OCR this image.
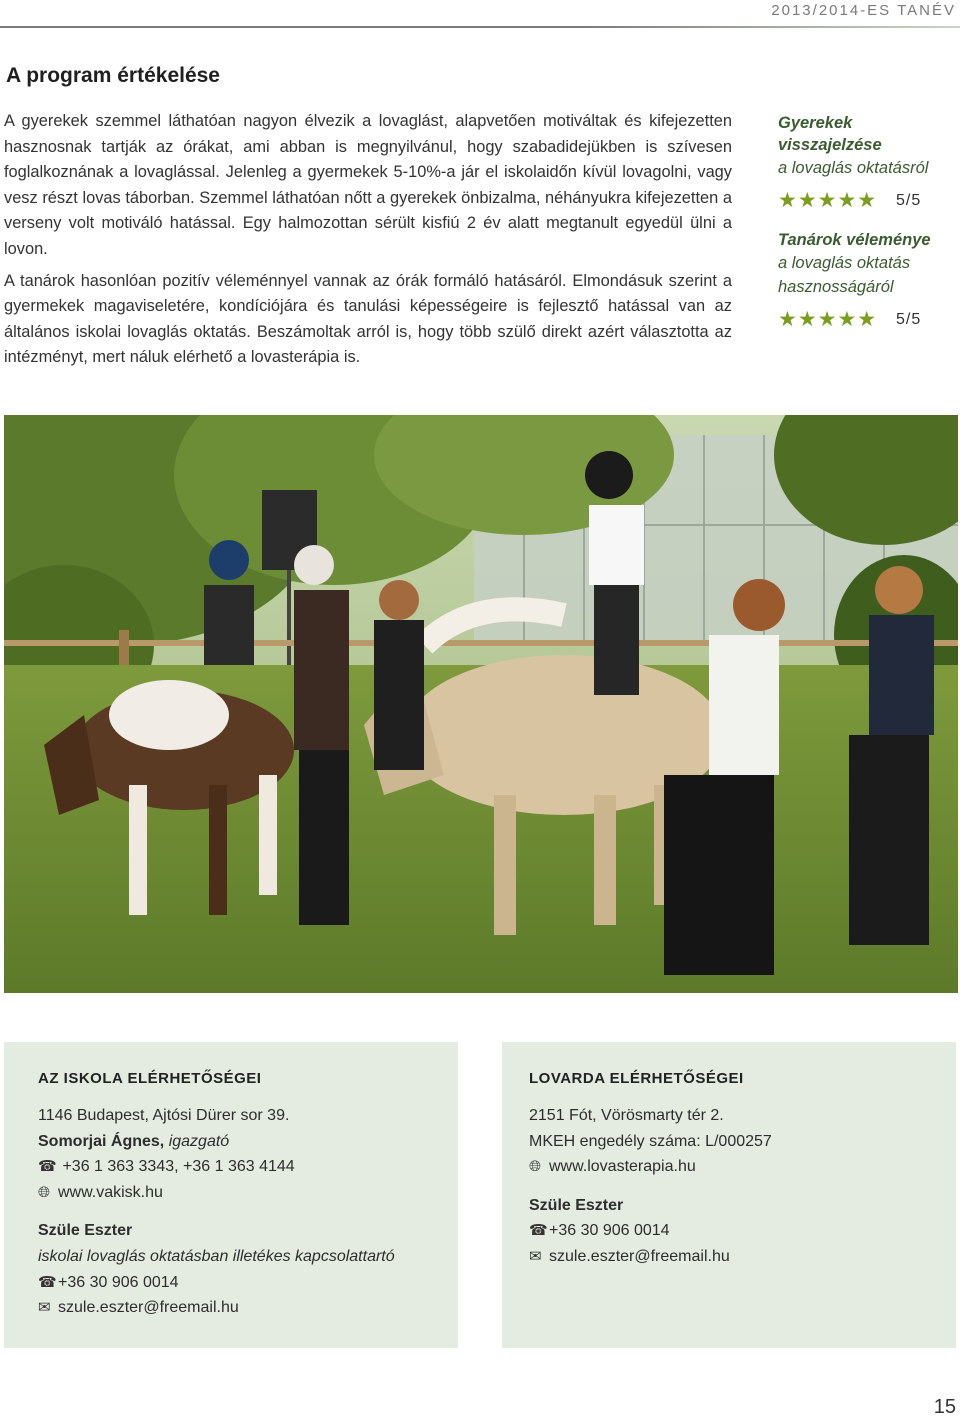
2013/2014-ES TANÉV
A program értékelése

A gyerekek szemmel láthatóan nagyon élvezik a lovaglást, alapvetően motiváltak és kifejezetten hasznosnak tartják az órákat, ami abban is megnyilvánul, hogy szabadidejükben is szívesen foglalkoznának a lovaglással. Jelenleg a gyermekek 5-10%-a jár el iskolaidőn kívül lovagolni, vagy vesz részt lovas táborban. Szemmel láthatóan nőtt a gyerekek önbizalma, néhányukra kifejezetten a verseny volt motiváló hatással. Egy halmozottan sérült kisfiú 2 év alatt megtanult egyedül ülni a lovon.

A tanárok hasonlóan pozitív véleménnyel vannak az órák formáló hatásáról. Elmondásuk szerint a gyermekek magaviseletére, kondíciójára és tanulási képességeire is fejlesztő hatással van az általános iskolai lovaglás oktatás. Beszámoltak arról is, hogy több szülő direkt azért választotta az intézményt, mert náluk elérhető a lovasterápia is.

Gyerekek visszajelzése
a lovaglás oktatásról
★★★★★	5/5
Tanárok véleménye
a lovaglás oktatás
hasznosságáról
★★★★★	5/5
AZ ISKOLA ELÉRHETŐSÉGEI
1146 Budapest, Ajtósi Dürer sor 39.
Somorjai Ágnes, igazgató
☎ +36 1 363 3343, +36 1 363 4144
🌐︎ www.vakisk.hu
Szüle Eszter
iskolai lovaglás oktatásban illetékes kapcsolattartó
☎+36 30 906 0014
✉ szule.eszter@freemail.hu
LOVARDA ELÉRHETŐSÉGEI
2151 Fót, Vörösmarty tér 2.
MKEH engedély száma: L/000257
🌐︎ www.lovasterapia.hu
Szüle Eszter
☎+36 30 906 0014
✉ szule.eszter@freemail.hu
15
